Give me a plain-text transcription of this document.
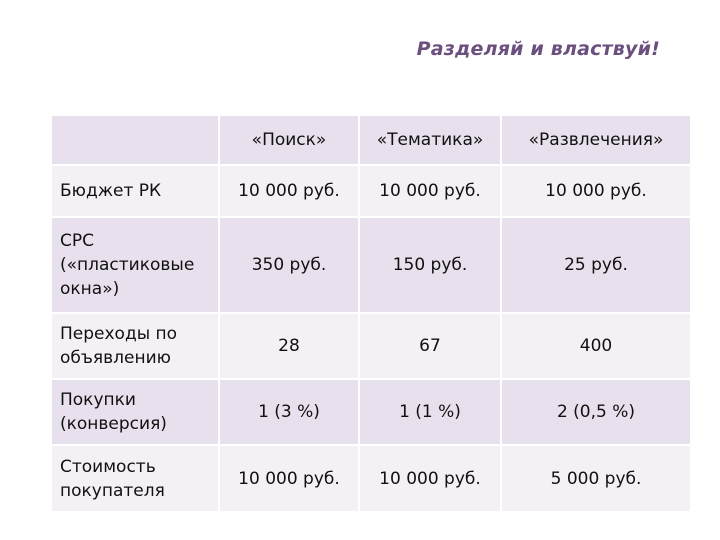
Разделяй и властвуй!
	«Поиск»	«Тематика»	«Развлечения»
Бюджет РК	10 000 руб.	10 000 руб.	10 000 руб.
CPC («пластиковые окна»)	350 руб.	150 руб.	25 руб.
Переходы по объявлению	28	67	400
Покупки (конверсия)	1 (3 %)	1 (1 %)	2 (0,5 %)
Стоимость покупателя	10 000 руб.	10 000 руб.	5 000 руб.
